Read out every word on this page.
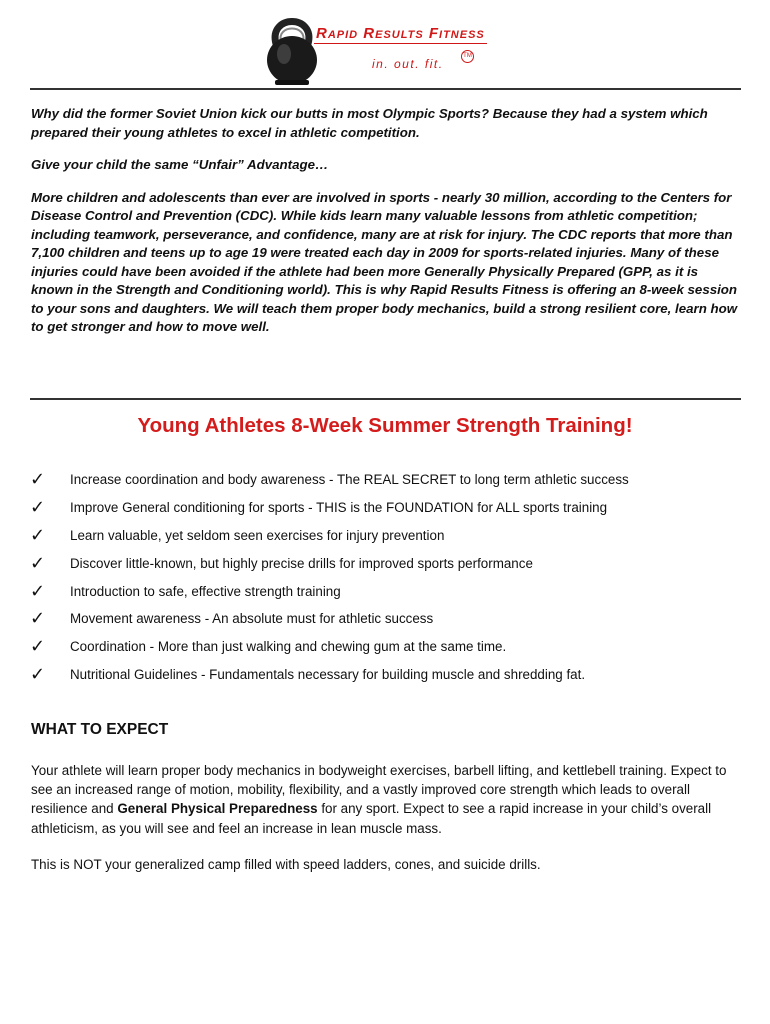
Rapid Results Fitness
in. out. fit.
TM

Why did the former Soviet Union kick our butts in most Olympic Sports? Because they had a system which prepared their young athletes to excel in athletic competition.

Give your child the same “Unfair” Advantage…

More children and adolescents than ever are involved in sports - nearly 30 million, according to the Centers for Disease Control and Prevention (CDC). While kids learn many valuable lessons from athletic competition; including teamwork, perseverance, and confidence, many are at risk for injury. The CDC reports that more than 7,100 children and teens up to age 19 were treated each day in 2009 for sports-related injuries. Many of these injuries could have been avoided if the athlete had been more Generally Physically Prepared (GPP, as it is known in the Strength and Conditioning world). This is why Rapid Results Fitness is offering an 8-week session to your sons and daughters. We will teach them proper body mechanics, build a strong resilient core, learn how to get stronger and how to move well.

Young Athletes 8-Week Summer Strength Training!
✓	Increase coordination and body awareness - The REAL SECRET to long term athletic success
✓	Improve General conditioning for sports - THIS is the FOUNDATION for ALL sports training
✓	Learn valuable, yet seldom seen exercises for injury prevention
✓	Discover little-known, but highly precise drills for improved sports performance
✓	Introduction to safe, effective strength training
✓	Movement awareness - An absolute must for athletic success
✓	Coordination - More than just walking and chewing gum at the same time.
✓	Nutritional Guidelines - Fundamentals necessary for building muscle and shredding fat.
WHAT TO EXPECT

Your athlete will learn proper body mechanics in bodyweight exercises, barbell lifting, and kettlebell training. Expect to see an increased range of motion, mobility, flexibility, and a vastly improved core strength which leads to overall resilience and General Physical Preparedness for any sport. Expect to see a rapid increase in your child’s overall athleticism, as you will see and feel an increase in lean muscle mass.

This is NOT your generalized camp filled with speed ladders, cones, and suicide drills.
